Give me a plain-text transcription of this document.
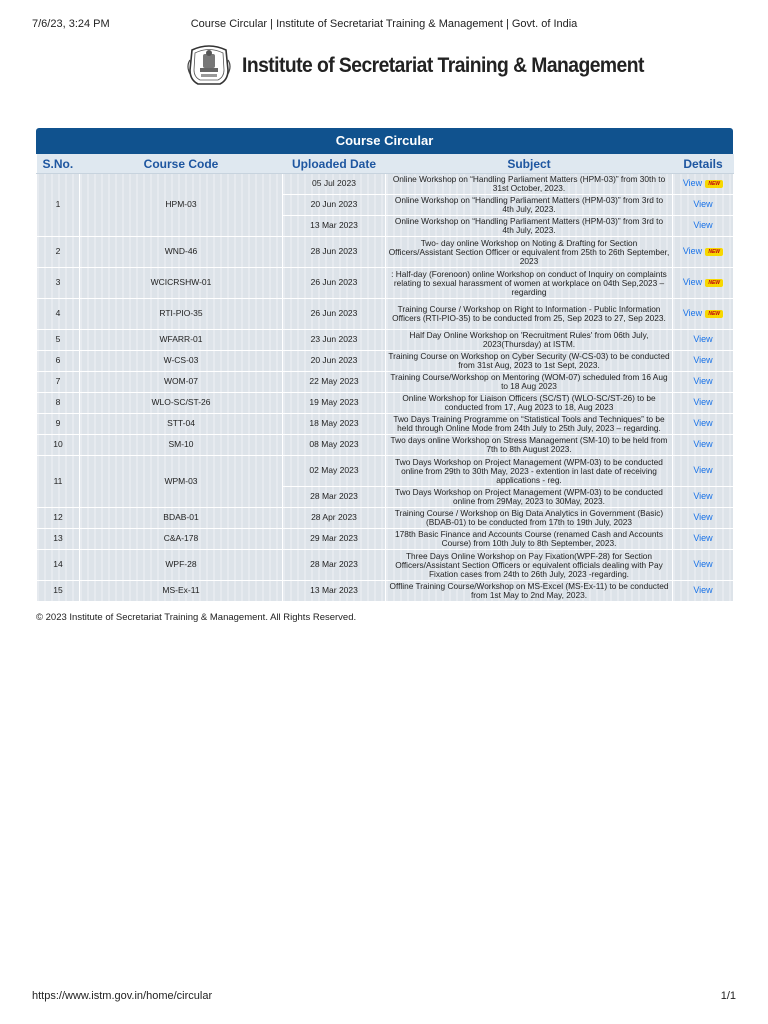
7/6/23, 3:24 PM	Course Circular | Institute of Secretariat Training & Management | Govt. of India
Institute of Secretariat Training & Management
Course Circular
S.No.	Course Code	Uploaded Date	Subject	Details
1	HPM-03	05 Jul 2023	Online Workshop on “Handling Parliament Matters (HPM-03)” from 30th to 31st October, 2023.	View NEW
		20 Jun 2023	Online Workshop on “Handling Parliament Matters (HPM-03)” from 3rd to 4th July, 2023.	View
		13 Mar 2023	Online Workshop on “Handling Parliament Matters (HPM-03)” from 3rd to 4th July, 2023.	View
2	WND-46	28 Jun 2023	Two- day online Workshop on Noting & Drafting for Section Officers/Assistant Section Officer or equivalent from 25th to 26th September, 2023	View NEW
3	WCICRSHW-01	26 Jun 2023	: Half-day (Forenoon) online Workshop on conduct of Inquiry on complaints relating to sexual harassment of women at workplace on 04th Sep,2023 – regarding	View NEW
4	RTI-PIO-35	26 Jun 2023	Training Course / Workshop on Right to Information - Public Information Officers (RTI-PIO-35) to be conducted from 25, Sep 2023 to 27, Sep 2023.	View NEW
5	WFARR-01	23 Jun 2023	Half Day Online Workshop on 'Recruitment Rules' from 06th July, 2023(Thursday) at ISTM.	View
6	W-CS-03	20 Jun 2023	Training Course on Workshop on Cyber Security (W-CS-03) to be conducted from 31st Aug, 2023 to 1st Sept, 2023.	View
7	WOM-07	22 May 2023	Training Course/Workshop on Mentoring (WOM-07) scheduled from 16 Aug to 18 Aug 2023	View
8	WLO-SC/ST-26	19 May 2023	Online Workshop for Liaison Officers (SC/ST) (WLO-SC/ST-26) to be conducted from 17, Aug 2023 to 18, Aug 2023	View
9	STT-04	18 May 2023	Two Days Training Programme on “Statistical Tools and Techniques” to be held through Online Mode from 24th July to 25th July, 2023 – regarding.	View
10	SM-10	08 May 2023	Two days online Workshop on Stress Management (SM-10) to be held from 7th to 8th August 2023.	View
11	WPM-03	02 May 2023	Two Days Workshop on Project Management (WPM-03) to be conducted online from 29th to 30th May, 2023 - extention in last date of receiving applications - reg.	View
		28 Mar 2023	Two Days Workshop on Project Management (WPM-03) to be conducted online from 29May, 2023 to 30May, 2023.	View
12	BDAB-01	28 Apr 2023	Training Course / Workshop on Big Data Analytics in Government (Basic) (BDAB-01) to be conducted from 17th to 19th July, 2023	View
13	C&A-178	29 Mar 2023	178th Basic Finance and Accounts Course (renamed Cash and Accounts Course) from 10th July to 8th September, 2023.	View
14	WPF-28	28 Mar 2023	Three Days Online Workshop on Pay Fixation(WPF-28) for Section Officers/Assistant Section Officers or equivalent officials dealing with Pay Fixation cases from 24th to 26th July, 2023 -regarding.	View
15	MS-Ex-11	13 Mar 2023	Offline Training Course/Workshop on MS-Excel (MS-Ex-11) to be conducted from 1st May to 2nd May, 2023.	View
© 2023 Institute of Secretariat Training & Management. All Rights Reserved.
https://www.istm.gov.in/home/circular	1/1
